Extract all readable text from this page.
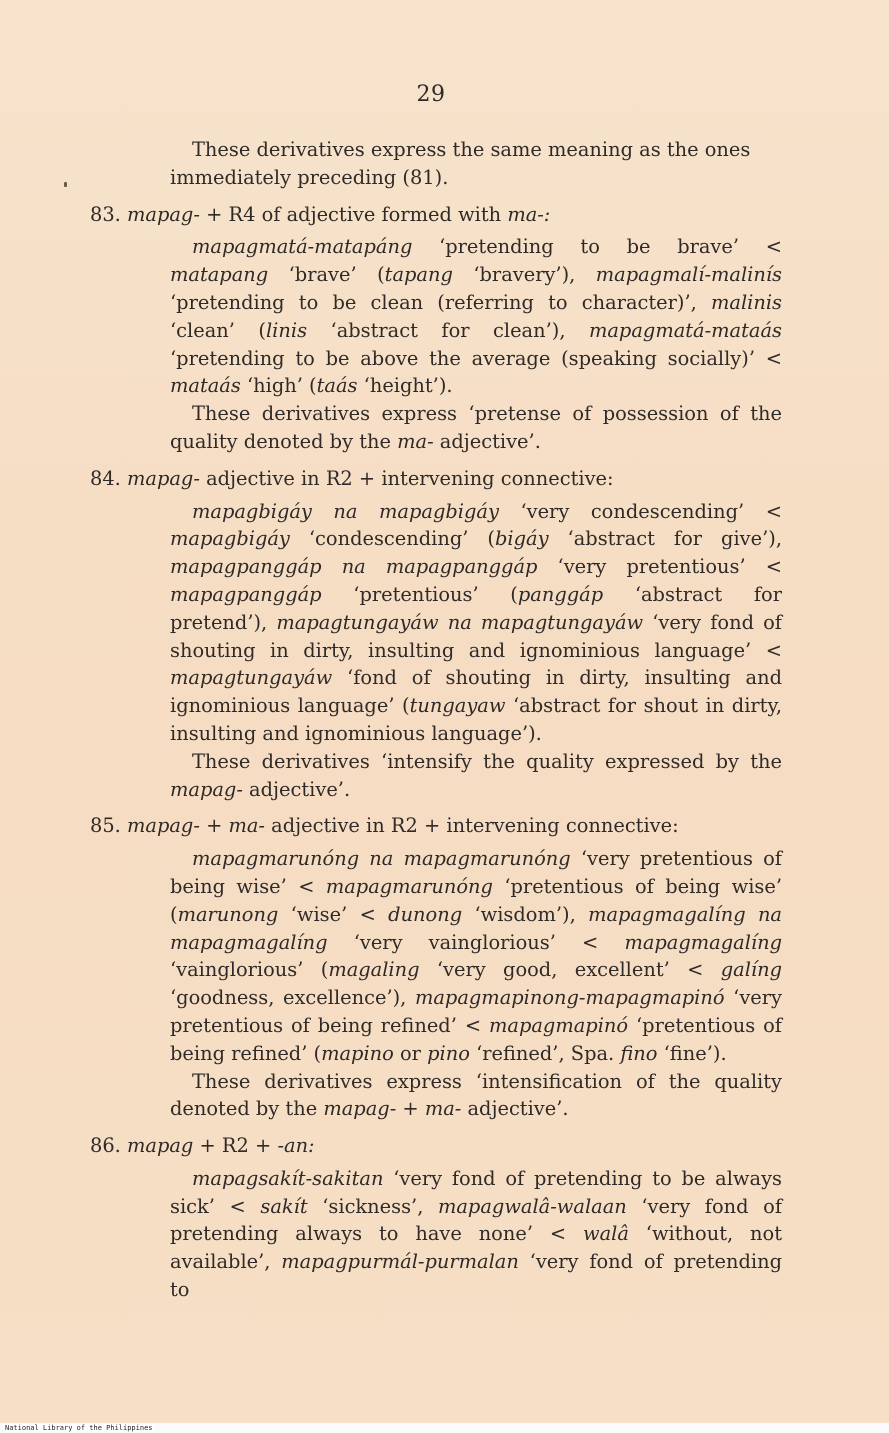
29

These derivatives express the same meaning as the ones

immediately preceding (81).

83. mapag- + R4 of adjective formed with ma-:

mapagmatá-matapáng ‘pretending to be brave’ < matapang ‘brave’ (tapang ‘bravery’), mapagmalí-malinís ‘pretending to be clean (referring to character)’, malinis ‘clean’ (linis ‘abstract for clean’), mapagmatá-mataás ‘pretending to be above the average (speaking socially)’ < mataás ‘high’ (taás ‘height’).

These derivatives express ‘pretense of possession of the quality denoted by the ma- adjective’.

84. mapag- adjective in R2 + intervening connective:

mapagbigáy na mapagbigáy ‘very condescending’ < mapagbigáy ‘condescending’ (bigáy ‘abstract for give’), mapagpanggáp na mapagpanggáp ‘very pretentious’ < mapagpanggáp ‘pretentious’ (panggáp ‘abstract for pretend’), mapagtungayáw na mapagtungayáw ‘very fond of shouting in dirty, insulting and ignominious language’ < mapagtungayáw ‘fond of shouting in dirty, insulting and ignominious language’ (tungayaw ‘abstract for shout in dirty, insulting and ignominious language’).

These derivatives ‘intensify the quality expressed by the mapag- adjective’.

85. mapag- + ma- adjective in R2 + intervening connective:

mapagmarunóng na mapagmarunóng ‘very pretentious of being wise’ < mapagmarunóng ‘pretentious of being wise’ (marunong ‘wise’ < dunong ‘wisdom’), mapagmagalíng na mapagmagalíng ‘very vainglorious’ < mapagmagalíng ‘vainglorious’ (magaling ‘very good, excellent’ < galíng ‘goodness, excellence’), mapagmapinong-mapagmapinó ‘very pretentious of being refined’ < mapagmapinó ‘pretentious of being refined’ (mapino or pino ‘refined’, Spa. fino ‘fine’).

These derivatives express ‘intensification of the quality denoted by the mapag- + ma- adjective’.

86. mapag + R2 + -an:

mapagsakít-sakitan ‘very fond of pretending to be always sick’ < sakít ‘sickness’, mapagwalâ-walaan ‘very fond of pretending always to have none’ < walâ ‘without, not available’, mapagpurmál-purmalan ‘very fond of pretending to

National Library of the Philippines
